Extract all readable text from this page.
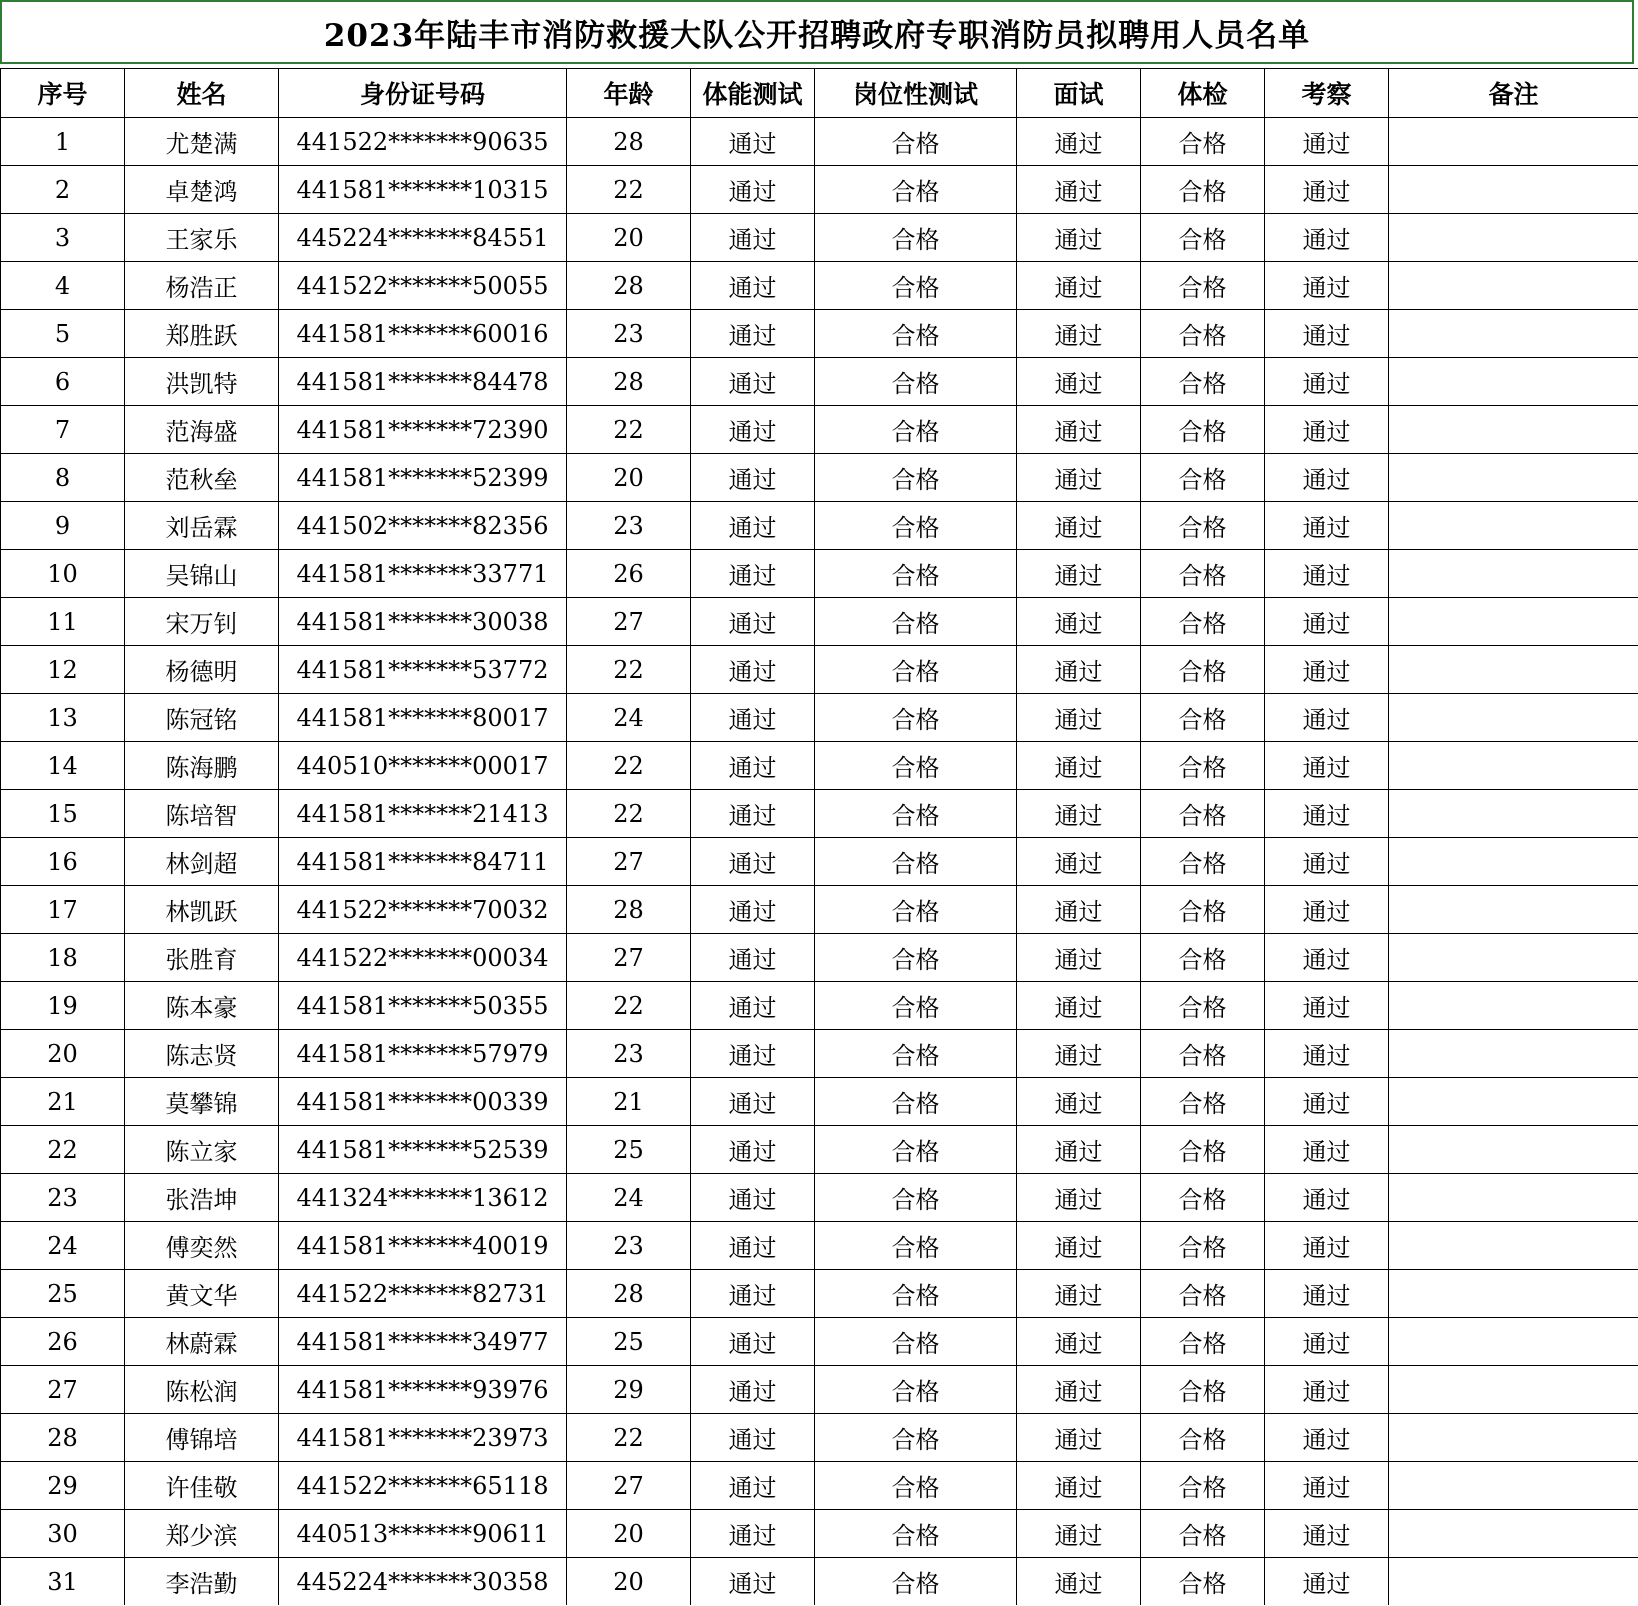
2023年陆丰市消防救援大队公开招聘政府专职消防员拟聘用人员名单
序号	姓名	身份证号码	年龄	体能测试	岗位性测试	面试	体检	考察	备注
1	尤楚满	441522*******90635	28	通过	合格	通过	合格	通过	
2	卓楚鸿	441581*******10315	22	通过	合格	通过	合格	通过	
3	王家乐	445224*******84551	20	通过	合格	通过	合格	通过	
4	杨浩正	441522*******50055	28	通过	合格	通过	合格	通过	
5	郑胜跃	441581*******60016	23	通过	合格	通过	合格	通过	
6	洪凯特	441581*******84478	28	通过	合格	通过	合格	通过	
7	范海盛	441581*******72390	22	通过	合格	通过	合格	通过	
8	范秋垒	441581*******52399	20	通过	合格	通过	合格	通过	
9	刘岳霖	441502*******82356	23	通过	合格	通过	合格	通过	
10	吴锦山	441581*******33771	26	通过	合格	通过	合格	通过	
11	宋万钊	441581*******30038	27	通过	合格	通过	合格	通过	
12	杨德明	441581*******53772	22	通过	合格	通过	合格	通过	
13	陈冠铭	441581*******80017	24	通过	合格	通过	合格	通过	
14	陈海鹏	440510*******00017	22	通过	合格	通过	合格	通过	
15	陈培智	441581*******21413	22	通过	合格	通过	合格	通过	
16	林剑超	441581*******84711	27	通过	合格	通过	合格	通过	
17	林凯跃	441522*******70032	28	通过	合格	通过	合格	通过	
18	张胜育	441522*******00034	27	通过	合格	通过	合格	通过	
19	陈本豪	441581*******50355	22	通过	合格	通过	合格	通过	
20	陈志贤	441581*******57979	23	通过	合格	通过	合格	通过	
21	莫攀锦	441581*******00339	21	通过	合格	通过	合格	通过	
22	陈立家	441581*******52539	25	通过	合格	通过	合格	通过	
23	张浩坤	441324*******13612	24	通过	合格	通过	合格	通过	
24	傅奕然	441581*******40019	23	通过	合格	通过	合格	通过	
25	黄文华	441522*******82731	28	通过	合格	通过	合格	通过	
26	林蔚霖	441581*******34977	25	通过	合格	通过	合格	通过	
27	陈松润	441581*******93976	29	通过	合格	通过	合格	通过	
28	傅锦培	441581*******23973	22	通过	合格	通过	合格	通过	
29	许佳敬	441522*******65118	27	通过	合格	通过	合格	通过	
30	郑少滨	440513*******90611	20	通过	合格	通过	合格	通过	
31	李浩勤	445224*******30358	20	通过	合格	通过	合格	通过	
